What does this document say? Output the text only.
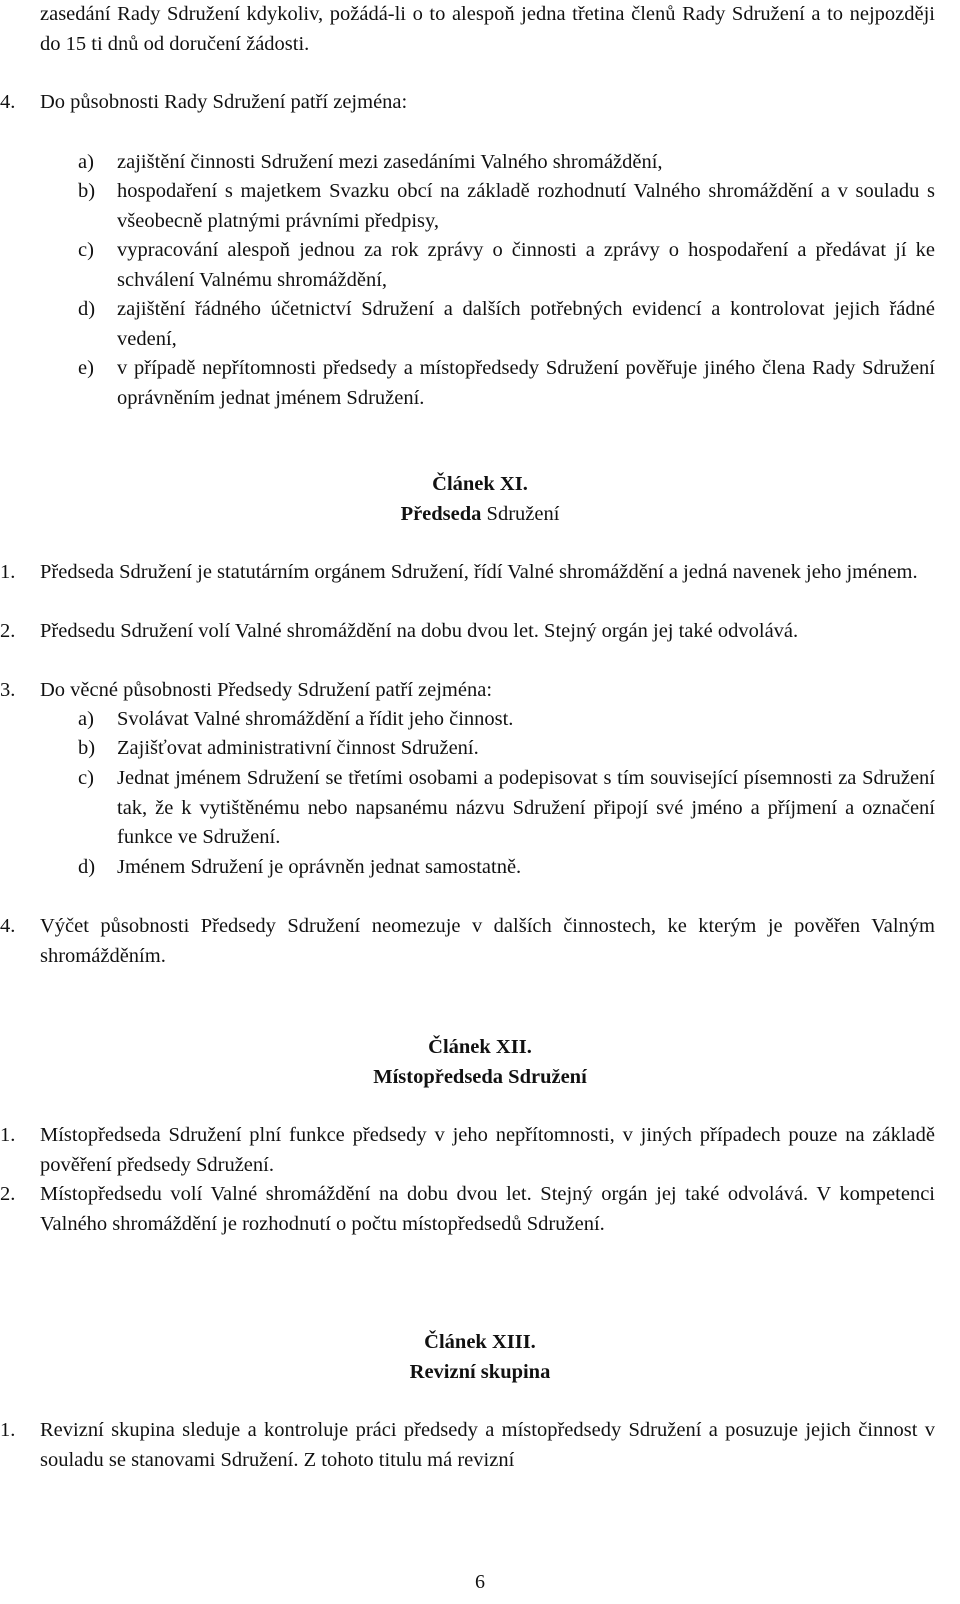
zasedání Rady Sdružení kdykoliv, požádá-li o to alespoň jedna třetina členů Rady Sdružení a to nejpozději do 15 ti dnů od doručení žádosti.
4. Do působnosti Rady Sdružení patří zejména:
a) zajištění činnosti Sdružení mezi zasedáními Valného shromáždění,
b) hospodaření s majetkem Svazku obcí na základě rozhodnutí Valného shromáždění a v souladu s všeobecně platnými právními předpisy,
c) vypracování alespoň jednou za rok zprávy o činnosti a zprávy o hospodaření a předávat jí ke schválení Valnému shromáždění,
d) zajištění řádného účetnictví Sdružení a dalších potřebných evidencí a kontrolovat jejich řádné vedení,
e) v případě nepřítomnosti předsedy a místopředsedy Sdružení pověřuje jiného člena Rady Sdružení oprávněním jednat jménem Sdružení.
Článek XI.
Předseda Sdružení
1. Předseda Sdružení je statutárním orgánem Sdružení, řídí Valné shromáždění a jedná navenek jeho jménem.
2. Předsedu Sdružení volí Valné shromáždění na dobu dvou let. Stejný orgán jej také odvolává.
3. Do věcné působnosti Předsedy Sdružení patří zejména:
a) Svolávat Valné shromáždění a řídit jeho činnost.
b) Zajišťovat administrativní činnost Sdružení.
c) Jednat jménem Sdružení se třetími osobami a podepisovat s tím související písemnosti za Sdružení tak, že k vytištěnému nebo napsanému názvu Sdružení připojí své jméno a příjmení a označení funkce ve Sdružení.
d) Jménem Sdružení je oprávněn jednat samostatně.
4. Výčet působnosti Předsedy Sdružení neomezuje v dalších činnostech, ke kterým je pověřen Valným shromážděním.
Článek XII.
Místopředseda Sdružení
1. Místopředseda Sdružení plní funkce předsedy v jeho nepřítomnosti, v jiných případech pouze na základě pověření předsedy Sdružení.
2. Místopředsedu volí Valné shromáždění na dobu dvou let. Stejný orgán jej také odvolává. V kompetenci Valného shromáždění je rozhodnutí o počtu místopředsedů Sdružení.
Článek XIII.
Revizní skupina
1. Revizní skupina sleduje a kontroluje práci předsedy a místopředsedy Sdružení a posuzuje jejich činnost v souladu se stanovami Sdružení. Z tohoto titulu má revizní
6
